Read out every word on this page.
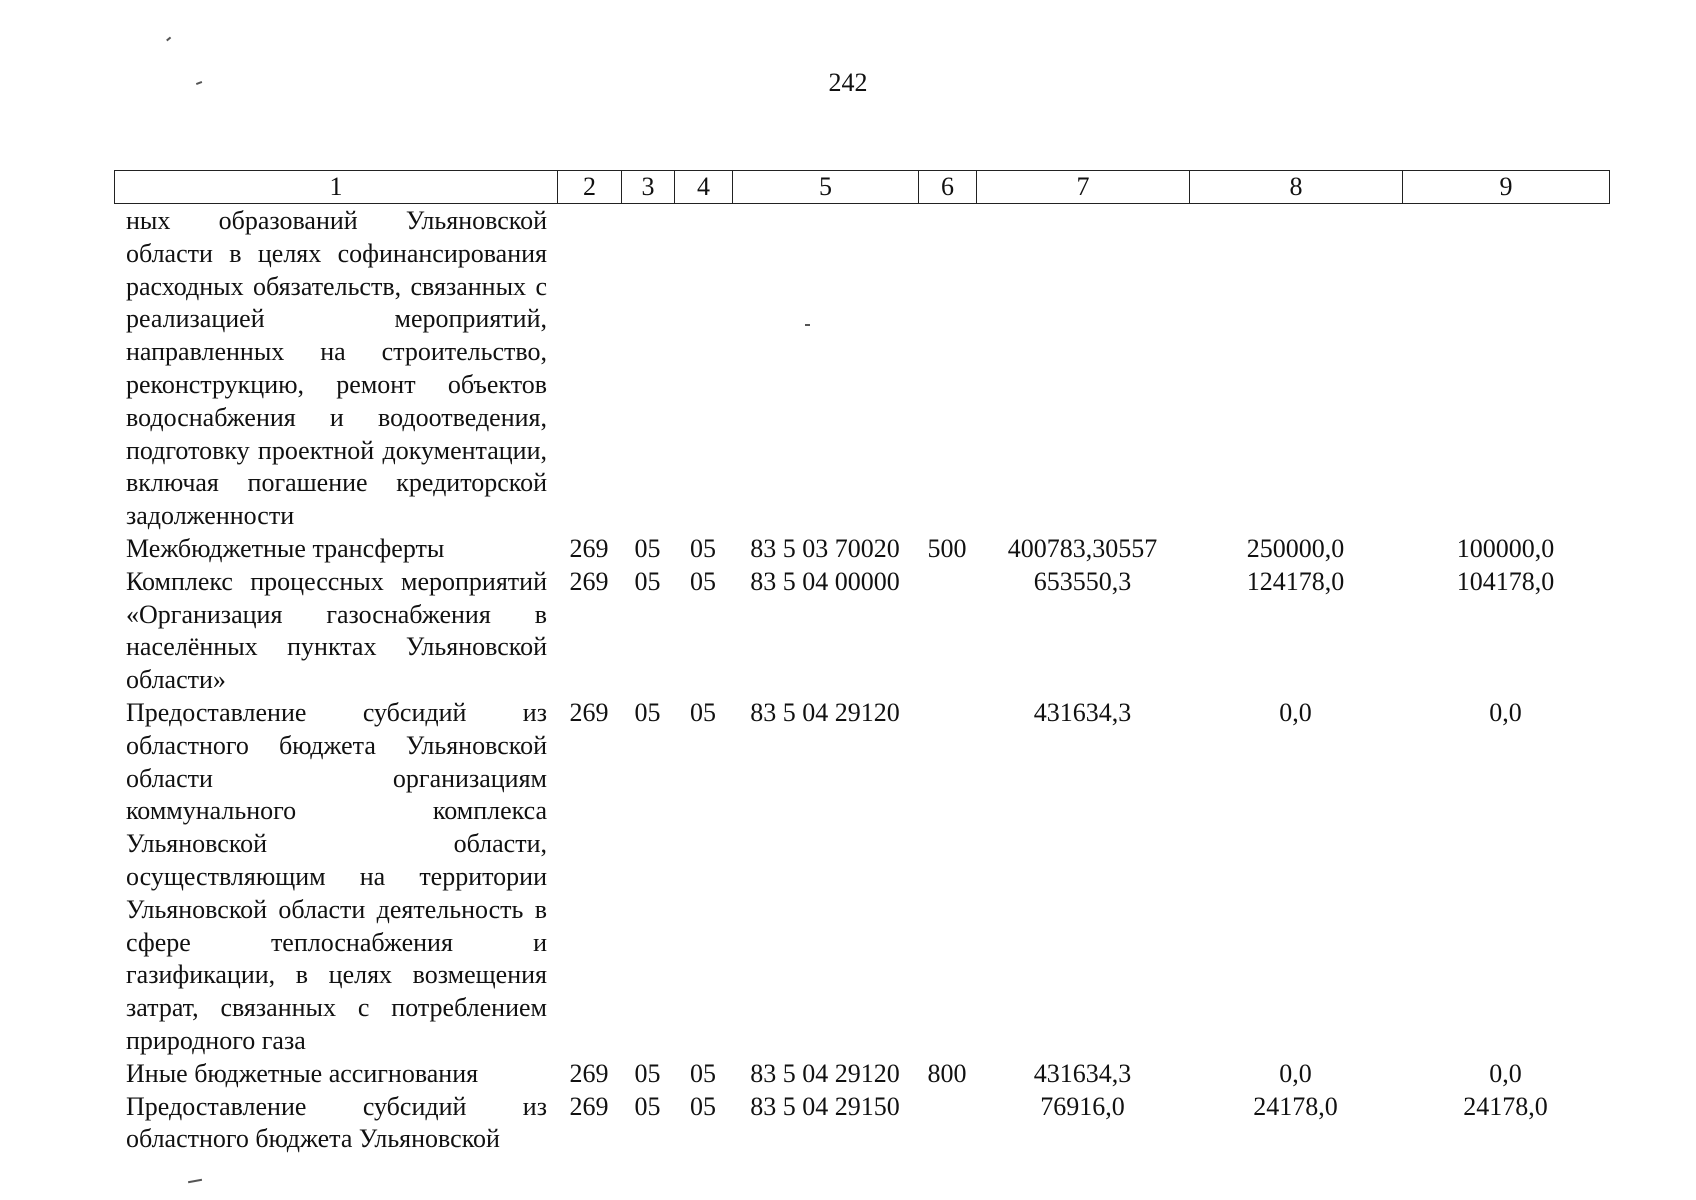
242
1	2	3	4	5	6	7	8	9
ных образований Ульяновской области в целях софинансирования расходных обязательств, связанных с реализацией мероприятий, направленных на строительство, реконструкцию, ремонт объектов водоснабжения и водоотведения, подготовку проектной документации, включая погашение кредиторской задолженности								
Межбюджетные трансферты	269	05	05	83 5 03 70020	500	400783,30557	250000,0	100000,0
Комплекс процессных мероприятий «Организация газоснабжения в населённых пунктах Ульяновской области»	269	05	05	83 5 04 00000		653550,3	124178,0	104178,0
Предоставление субсидий из областного бюджета Ульяновской области организациям коммунального комплекса Ульяновской области, осуществляющим на территории Ульяновской области деятельность в сфере теплоснабжения и газификации, в целях возмещения затрат, связанных с потреблением природного газа	269	05	05	83 5 04 29120		431634,3	0,0	0,0
Иные бюджетные ассигнования	269	05	05	83 5 04 29120	800	431634,3	0,0	0,0
Предоставление субсидий из областного бюджета Ульяновской	269	05	05	83 5 04 29150		76916,0	24178,0	24178,0
